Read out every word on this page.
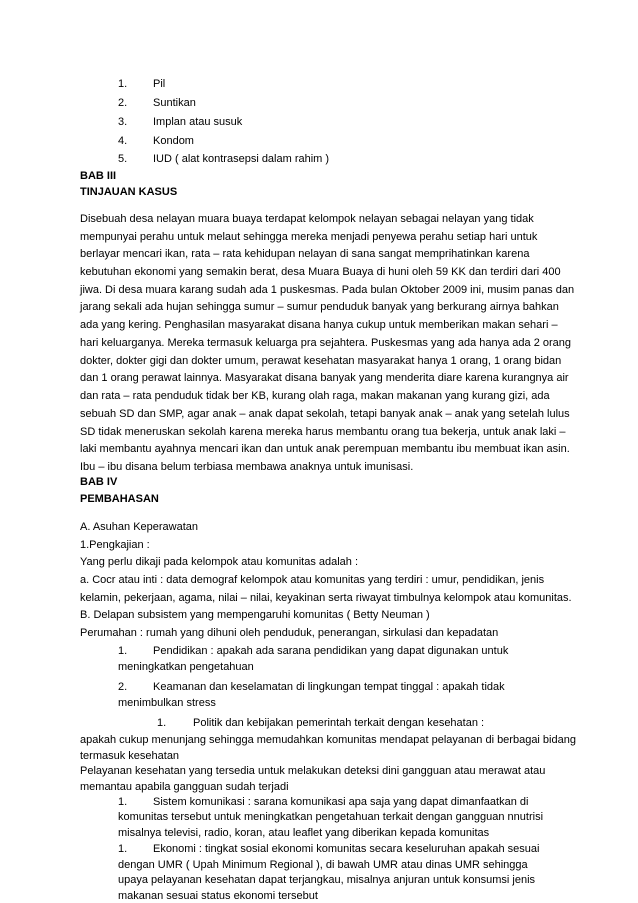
1. Pil
2. Suntikan
3. Implan atau susuk
4. Kondom
5. IUD ( alat kontrasepsi dalam rahim )
BAB III
TINJAUAN KASUS
Disebuah desa nelayan muara buaya terdapat kelompok nelayan sebagai nelayan yang tidak
mempunyai perahu untuk melaut sehingga mereka menjadi penyewa perahu setiap hari untuk
berlayar mencari ikan, rata – rata kehidupan nelayan di sana sangat memprihatinkan karena
kebutuhan ekonomi yang semakin berat, desa Muara Buaya di huni oleh 59 KK dan terdiri dari 400
jiwa. Di desa muara karang sudah ada 1 puskesmas. Pada bulan Oktober 2009 ini, musim panas dan
jarang sekali ada hujan sehingga sumur – sumur penduduk banyak yang berkurang airnya bahkan
ada yang kering. Penghasilan masyarakat disana hanya cukup untuk memberikan makan sehari –
hari keluarganya. Mereka termasuk keluarga pra sejahtera. Puskesmas yang ada hanya ada 2 orang
dokter, dokter gigi dan dokter umum, perawat kesehatan masyarakat hanya 1 orang, 1 orang bidan
dan 1 orang perawat lainnya. Masyarakat disana banyak yang menderita diare karena kurangnya air
dan rata – rata penduduk tidak ber KB, kurang olah raga, makan makanan yang kurang gizi, ada
sebuah SD dan SMP, agar anak – anak dapat sekolah, tetapi banyak anak – anak yang setelah lulus
SD tidak meneruskan sekolah karena mereka harus membantu orang tua bekerja, untuk anak laki –
laki membantu ayahnya mencari ikan dan untuk anak perempuan membantu ibu membuat ikan asin.
Ibu – ibu disana belum terbiasa membawa anaknya untuk imunisasi.
BAB IV
PEMBAHASAN
A. Asuhan Keperawatan
1.Pengkajian :
Yang perlu dikaji pada kelompok atau komunitas adalah :
a. Cocr atau inti : data demograf kelompok atau komunitas yang terdiri : umur, pendidikan, jenis
kelamin, pekerjaan, agama, nilai – nilai, keyakinan serta riwayat timbulnya kelompok atau komunitas.
B. Delapan subsistem yang mempengaruhi komunitas ( Betty Neuman )
Perumahan : rumah yang dihuni oleh penduduk, penerangan, sirkulasi dan kepadatan
1. Pendidikan : apakah ada sarana pendidikan yang dapat digunakan untuk
meningkatkan pengetahuan
2. Keamanan dan keselamatan di lingkungan tempat tinggal : apakah tidak
menimbulkan stress
1. Politik dan kebijakan pemerintah terkait dengan kesehatan :
apakah cukup menunjang sehingga memudahkan komunitas mendapat pelayanan di berbagai bidang
termasuk kesehatan
Pelayanan kesehatan yang tersedia untuk melakukan deteksi dini gangguan atau merawat atau
memantau apabila gangguan sudah terjadi
1. Sistem komunikasi : sarana komunikasi apa saja yang dapat dimanfaatkan di
komunitas tersebut untuk meningkatkan pengetahuan terkait dengan gangguan nnutrisi
misalnya televisi, radio, koran, atau leaflet yang diberikan kepada komunitas
1. Ekonomi : tingkat sosial ekonomi komunitas secara keseluruhan apakah sesuai
dengan UMR ( Upah Minimum Regional ), di bawah UMR atau dinas UMR sehingga
upaya pelayanan kesehatan dapat terjangkau, misalnya anjuran untuk konsumsi jenis
makanan sesuai status ekonomi tersebut
